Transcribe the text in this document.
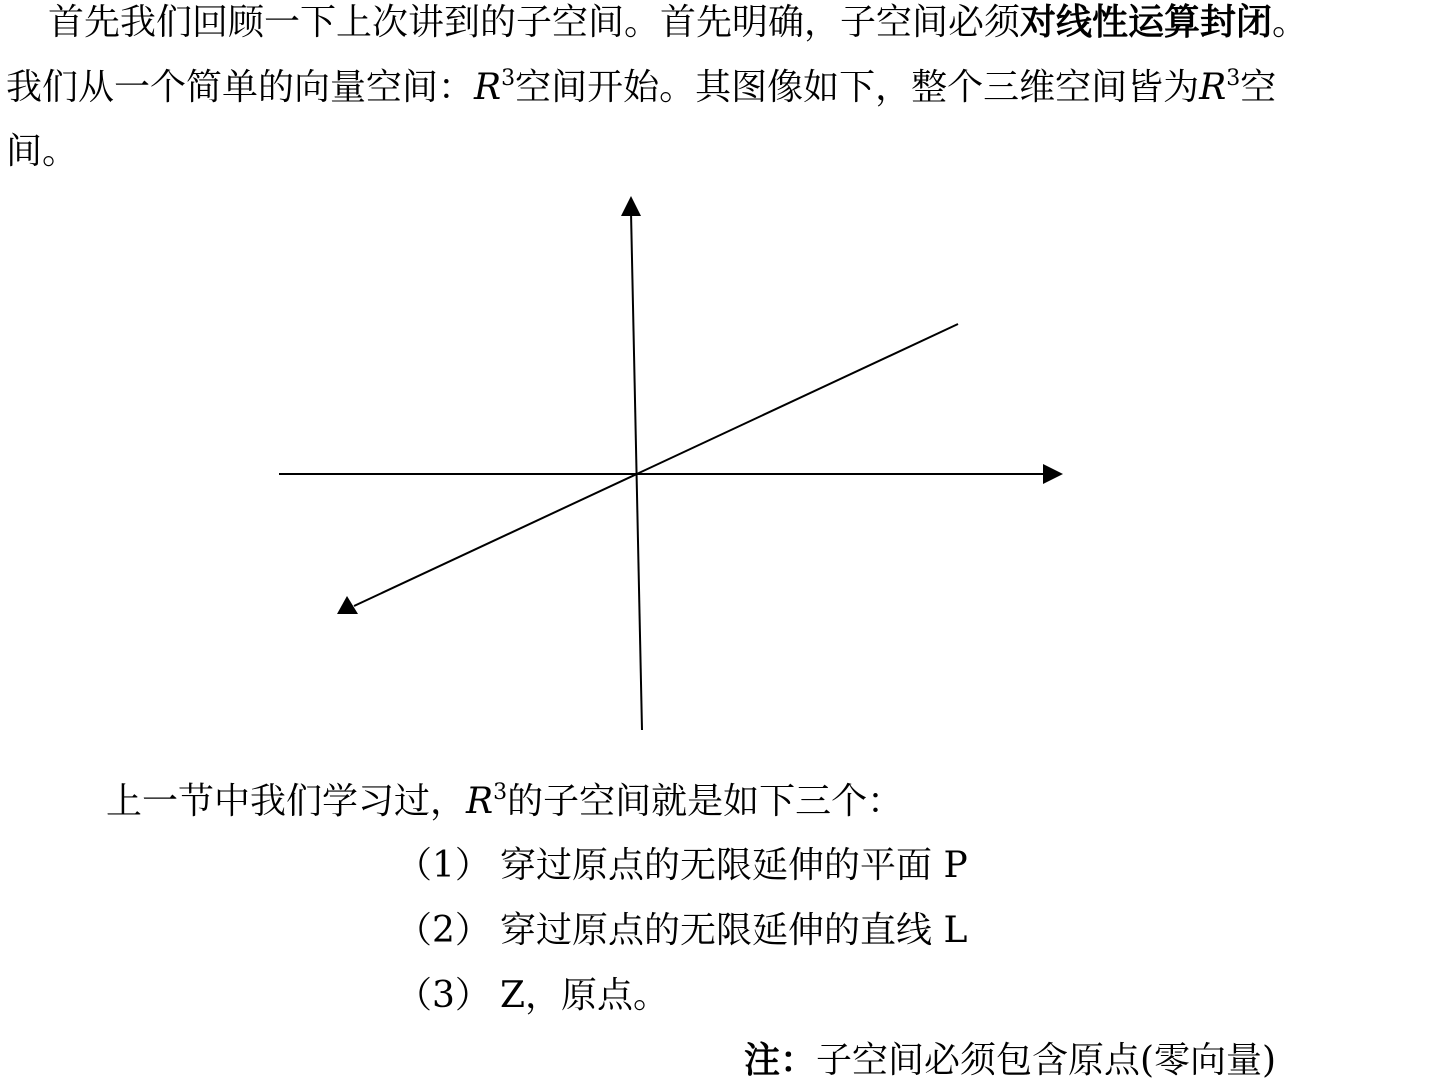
首先我们回顾一下上次讲到的子空间。首先明确，子空间必须对线性运算封闭。
我们从一个简单的向量空间：$R^3$空间开始。其图像如下，整个三维空间皆为$R^3$空
间。
上一节中我们学习过，$R^3$的子空间就是如下三个：
（1） 穿过原点的无限延伸的平面 P
（2） 穿过原点的无限延伸的直线 L
（3） Z，原点。
注：子空间必须包含原点(零向量)
